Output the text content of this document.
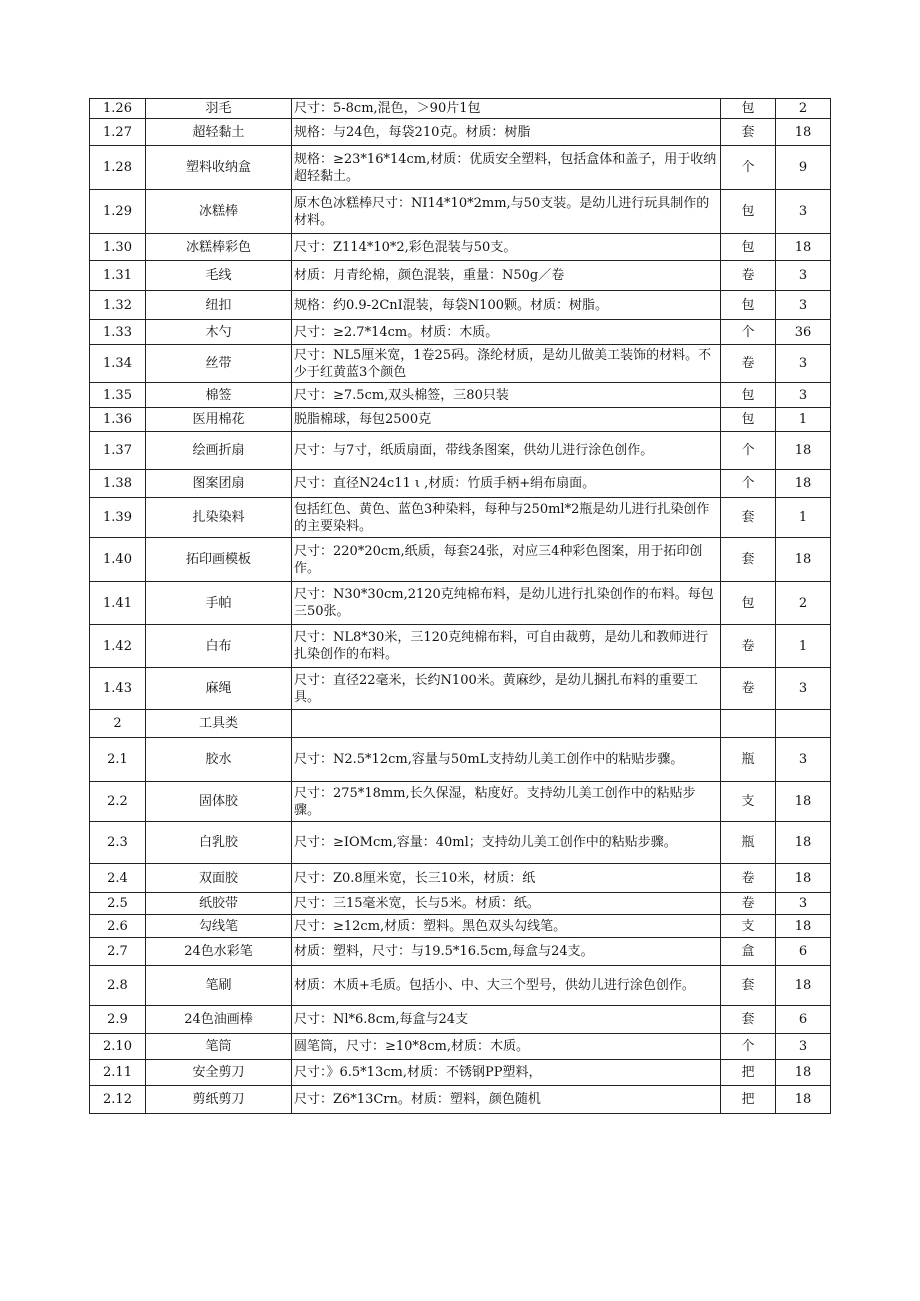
1.26	羽毛	尺寸：5-8cm,混色，＞90片1包	包	2
1.27	超轻黏土	规格：与24色，每袋210克。材质：树脂	套	18
1.28	塑料收纳盒	规格：≥23*16*14cm,材质：优质安全塑料，包括盒体和盖子，用于收纳超轻黏土。	个	9
1.29	冰糕棒	原木色冰糕棒尺寸：NI14*10*2mm,与50支装。是幼儿进行玩具制作的材料。	包	3
1.30	冰糕棒彩色	尺寸：Z114*10*2,彩色混装与50支。	包	18
1.31	毛线	材质：月青纶棉，颜色混装，重量：N50g／卷	卷	3
1.32	纽扣	规格：约0.9-2CnI混装，每袋N100颗。材质：树脂。	包	3
1.33	木勺	尺寸：≥2.7*14cm。材质：木质。	个	36
1.34	丝带	尺寸：NL5厘米宽，1卷25码。涤纶材质，是幼儿做美工装饰的材料。不少于红黄蓝3个颜色	卷	3
1.35	棉签	尺寸：≥7.5cm,双头棉签，三80只装	包	3
1.36	医用棉花	脱脂棉球，每包2500克	包	1
1.37	绘画折扇	尺寸：与7寸，纸质扇面，带线条图案，供幼儿进行涂色创作。	个	18
1.38	图案团扇	尺寸：直径N24c11 ι ,材质：竹质手柄+绢布扇面。	个	18
1.39	扎染染料	包括红色、黄色、蓝色3种染料，每种与250ml*2瓶是幼儿进行扎染创作的主要染料。	套	1
1.40	拓印画模板	尺寸：220*20cm,纸质，每套24张，对应三4种彩色图案，用于拓印创作。	套	18
1.41	手帕	尺寸：N30*30cm,2120克纯棉布料，是幼儿进行扎染创作的布料。每包三50张。	包	2
1.42	白布	尺寸：NL8*30米，三120克纯棉布料，可自由裁剪，是幼儿和教师进行扎染创作的布料。	卷	1
1.43	麻绳	尺寸：直径22毫米，长约N100米。黄麻纱，是幼儿捆扎布料的重要工具。	卷	3
2	工具类			
2.1	胶水	尺寸：N2.5*12cm,容量与50mL支持幼儿美工创作中的粘贴步骤。	瓶	3
2.2	固体胶	尺寸：275*18mm,长久保湿，粘度好。支持幼儿美工创作中的粘贴步骤。	支	18
2.3	白乳胶	尺寸：≥IOMcm,容量：40ml；支持幼儿美工创作中的粘贴步骤。	瓶	18
2.4	双面胶	尺寸：Z0.8厘米宽，长三10米，材质：纸	卷	18
2.5	纸胶带	尺寸：三15毫米宽，长与5米。材质：纸。	卷	3
2.6	勾线笔	尺寸：≥12cm,材质：塑料。黑色双头勾线笔。	支	18
2.7	24色水彩笔	材质：塑料，尺寸：与19.5*16.5cm,每盒与24支。	盒	6
2.8	笔刷	材质：木质+毛质。包括小、中、大三个型号，供幼儿进行涂色创作。	套	18
2.9	24色油画棒	尺寸：Nl*6.8cm,每盒与24支	套	6
2.10	笔筒	圆笔筒，尺寸：≥10*8cm,材质：木质。	个	3
2.11	安全剪刀	尺寸：》6.5*13cm,材质：不锈钢PP塑料，	把	18
2.12	剪纸剪刀	尺寸：Z6*13Crn。材质：塑料，颜色随机	把	18
